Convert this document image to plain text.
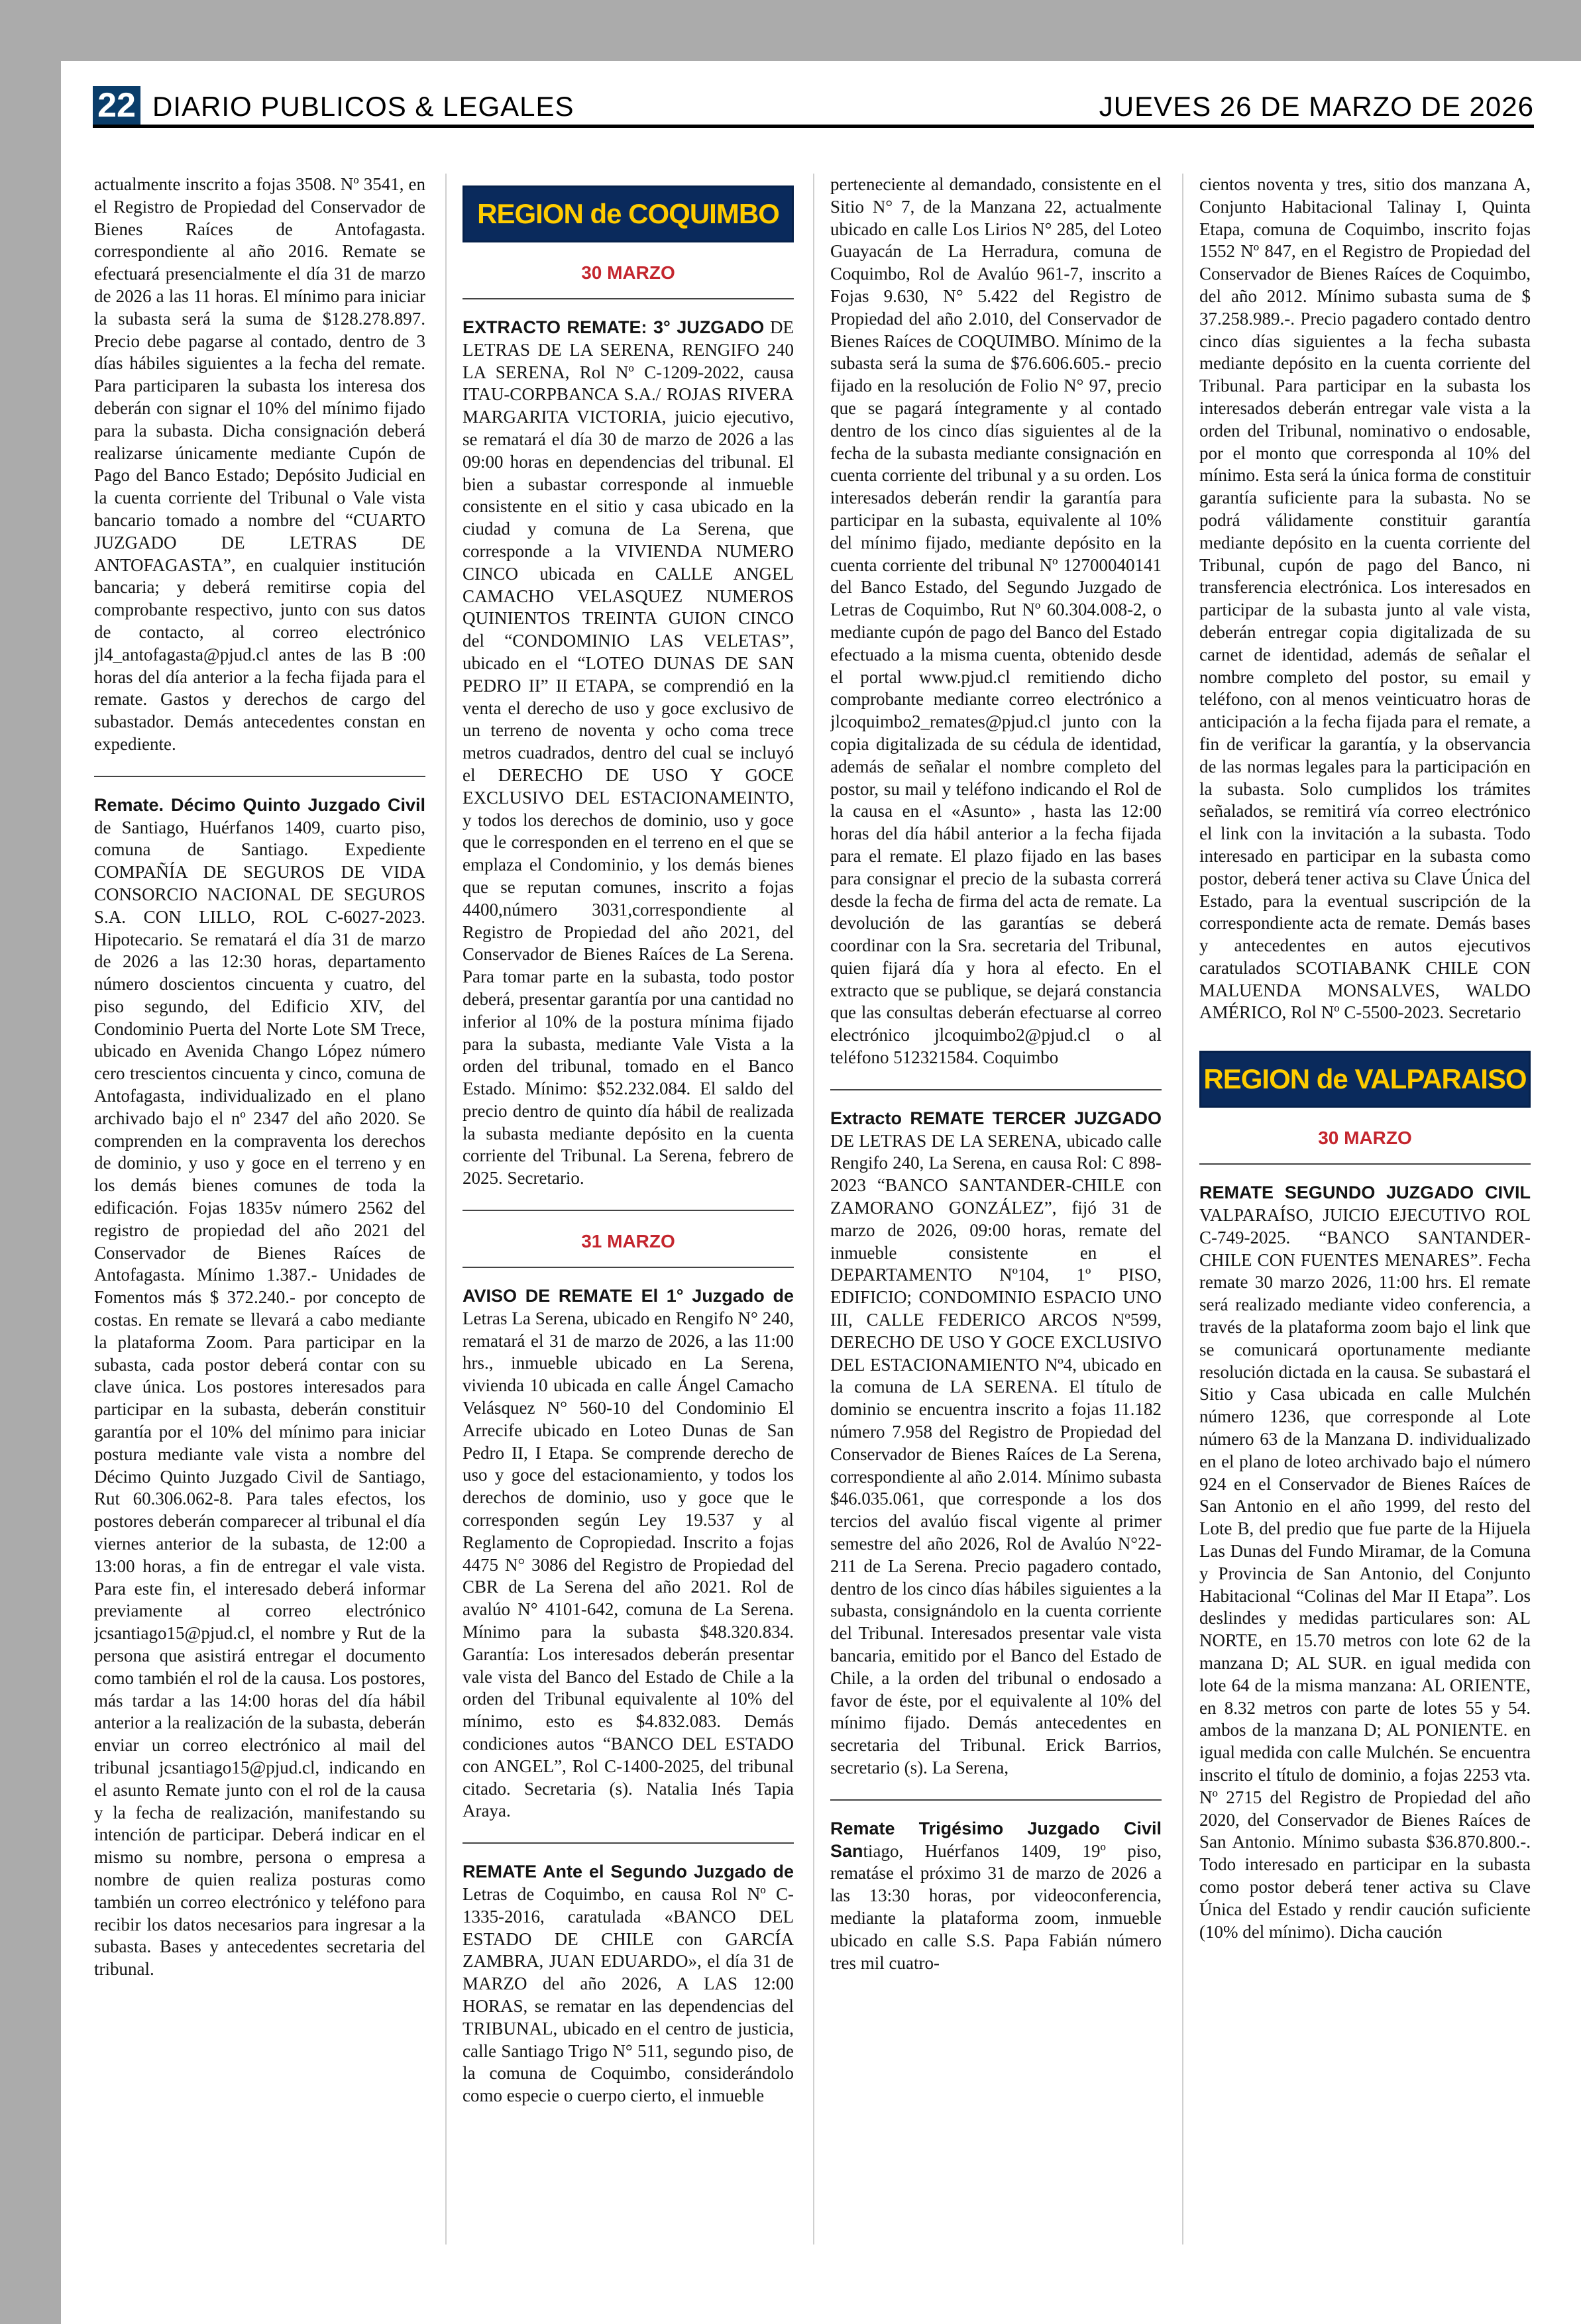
22 DIARIO PUBLICOS & LEGALES	JUEVES 26 DE MARZO DE 2026

actualmente inscrito a fojas 3508. Nº 3541, en el Registro de Propiedad del Conservador de Bienes Raíces de Antofagasta. correspondiente al año 2016. Remate se efectuará presencialmente el día 31 de marzo de 2026 a las 11 horas. El mínimo para iniciar la subasta será la suma de $128.278.897. Precio debe pagarse al contado, dentro de 3 días hábiles siguientes a la fecha del remate. Para participaren la subasta los interesa dos deberán con signar el 10% del mínimo fijado para la subasta. Dicha consignación deberá realizarse únicamente mediante Cupón de Pago del Banco Estado; Depósito Judicial en la cuenta corriente del Tribunal o Vale vista bancario tomado a nombre del “CUARTO JUZGADO DE LETRAS DE ANTOFAGASTA”, en cualquier institución bancaria; y deberá remitirse copia del comprobante respectivo, junto con sus datos de contacto, al correo electrónico jl4_antofagasta@pjud.cl antes de las B :00 horas del día anterior a la fecha fijada para el remate. Gastos y derechos de cargo del subastador. Demás antecedentes constan en expediente.

Remate. Décimo Quinto Juzgado Civil de Santiago, Huérfanos 1409, cuarto piso, comuna de Santiago. Expediente COMPAÑÍA DE SEGUROS DE VIDA CONSORCIO NACIONAL DE SEGUROS S.A. CON LILLO, ROL C-6027-2023. Hipotecario. Se rematará el día 31 de marzo de 2026 a las 12:30 horas, departamento número doscientos cincuenta y cuatro, del piso segundo, del Edificio XIV, del Condominio Puerta del Norte Lote SM Trece, ubicado en Avenida Chango López número cero trescientos cincuenta y cinco, comuna de Antofagasta, individualizado en el plano archivado bajo el nº 2347 del año 2020. Se comprenden en la compraventa los derechos de dominio, y uso y goce en el terreno y en los demás bienes comunes de toda la edificación. Fojas 1835v número 2562 del registro de propiedad del año 2021 del Conservador de Bienes Raíces de Antofagasta. Mínimo 1.387.- Unidades de Fomentos más $ 372.240.- por concepto de costas. En remate se llevará a cabo mediante la plataforma Zoom. Para participar en la subasta, cada postor deberá contar con su clave única. Los postores interesados para participar en la subasta, deberán constituir garantía por el 10% del mínimo para iniciar postura mediante vale vista a nombre del Décimo Quinto Juzgado Civil de Santiago, Rut 60.306.062-8. Para tales efectos, los postores deberán comparecer al tribunal el día viernes anterior de la subasta, de 12:00 a 13:00 horas, a fin de entregar el vale vista. Para este fin, el interesado deberá informar previamente al correo electrónico jcsantiago15@pjud.cl, el nombre y Rut de la persona que asistirá entregar el documento como también el rol de la causa. Los postores, más tardar a las 14:00 horas del día hábil anterior a la realización de la subasta, deberán enviar un correo electrónico al mail del tribunal jcsantiago15@pjud.cl, indicando en el asunto Remate junto con el rol de la causa y la fecha de realización, manifestando su intención de participar. Deberá indicar en el mismo su nombre, persona o empresa a nombre de quien realiza posturas como también un correo electrónico y teléfono para recibir los datos necesarios para ingresar a la subasta. Bases y antecedentes secretaria del tribunal.

REGION de COQUIMBO
30 MARZO

EXTRACTO REMATE: 3° JUZGADO DE LETRAS DE LA SERENA, RENGIFO 240 LA SERENA, Rol Nº C-1209-2022, causa ITAU-CORPBANCA S.A./ ROJAS RIVERA MARGARITA VICTORIA, juicio ejecutivo, se rematará el día 30 de marzo de 2026 a las 09:00 horas en dependencias del tribunal. El bien a subastar corresponde al inmueble consistente en el sitio y casa ubicado en la ciudad y comuna de La Serena, que corresponde a la VIVIENDA NUMERO CINCO ubicada en CALLE ANGEL CAMACHO VELASQUEZ NUMEROS QUINIENTOS TREINTA GUION CINCO del “CONDOMINIO LAS VELETAS”, ubicado en el “LOTEO DUNAS DE SAN PEDRO II” II ETAPA, se comprendió en la venta el derecho de uso y goce exclusivo de un terreno de noventa y ocho coma trece metros cuadrados, dentro del cual se incluyó el DERECHO DE USO Y GOCE EXCLUSIVO DEL ESTACIONAMEINTO, y todos los derechos de dominio, uso y goce que le corresponden en el terreno en el que se emplaza el Condominio, y los demás bienes que se reputan comunes, inscrito a fojas 4400,número 3031,correspondiente al Registro de Propiedad del año 2021, del Conservador de Bienes Raíces de La Serena. Para tomar parte en la subasta, todo postor deberá, presentar garantía por una cantidad no inferior al 10% de la postura mínima fijado para la subasta, mediante Vale Vista a la orden del tribunal, tomado en el Banco Estado. Mínimo: $52.232.084. El saldo del precio dentro de quinto día hábil de realizada la subasta mediante depósito en la cuenta corriente del Tribunal. La Serena, febrero de 2025. Secretario.

31 MARZO

AVISO DE REMATE El 1° Juzgado de Letras La Serena, ubicado en Rengifo N° 240, rematará el 31 de marzo de 2026, a las 11:00 hrs., inmueble ubicado en La Serena, vivienda 10 ubicada en calle Ángel Camacho Velásquez N° 560-10 del Condominio El Arrecife ubicado en Loteo Dunas de San Pedro II, I Etapa. Se comprende derecho de uso y goce del estacionamiento, y todos los derechos de dominio, uso y goce que le corresponden según Ley 19.537 y al Reglamento de Copropiedad. Inscrito a fojas 4475 N° 3086 del Registro de Propiedad del CBR de La Serena del año 2021. Rol de avalúo N° 4101-642, comuna de La Serena. Mínimo para la subasta $48.320.834. Garantía: Los interesados deberán presentar vale vista del Banco del Estado de Chile a la orden del Tribunal equivalente al 10% del mínimo, esto es $4.832.083. Demás condiciones autos “BANCO DEL ESTADO con ANGEL”, Rol C-1400-2025, del tribunal citado. Secretaria (s). Natalia Inés Tapia Araya.

REMATE Ante el Segundo Juzgado de Letras de Coquimbo, en causa Rol Nº C- 1335-2016, caratulada «BANCO DEL ESTADO DE CHILE con GARCÍA ZAMBRA, JUAN EDUARDO», el día 31 de MARZO del año 2026, A LAS 12:00 HORAS, se rematar en las dependencias del TRIBUNAL, ubicado en el centro de justicia, calle Santiago Trigo N° 511, segundo piso, de la comuna de Coquimbo, considerándolo como especie o cuerpo cierto, el inmueble

perteneciente al demandado, consistente en el Sitio N° 7, de la Manzana 22, actualmente ubicado en calle Los Lirios N° 285, del Loteo Guayacán de La Herradura, comuna de Coquimbo, Rol de Avalúo 961-7, inscrito a Fojas 9.630, N° 5.422 del Registro de Propiedad del año 2.010, del Conservador de Bienes Raíces de COQUIMBO. Mínimo de la subasta será la suma de $76.606.605.- precio fijado en la resolución de Folio N° 97, precio que se pagará íntegramente y al contado dentro de los cinco días siguientes al de la fecha de la subasta mediante consignación en cuenta corriente del tribunal y a su orden. Los interesados deberán rendir la garantía para participar en la subasta, equivalente al 10% del mínimo fijado, mediante depósito en la cuenta corriente del tribunal Nº 12700040141 del Banco Estado, del Segundo Juzgado de Letras de Coquimbo, Rut Nº 60.304.008-2, o mediante cupón de pago del Banco del Estado efectuado a la misma cuenta, obtenido desde el portal www.pjud.cl remitiendo dicho comprobante mediante correo electrónico a jlcoquimbo2_remates@pjud.cl junto con la copia digitalizada de su cédula de identidad, además de señalar el nombre completo del postor, su mail y teléfono indicando el Rol de la causa en el «Asunto» , hasta las 12:00 horas del día hábil anterior a la fecha fijada para el remate. El plazo fijado en las bases para consignar el precio de la subasta correrá desde la fecha de firma del acta de remate. La devolución de las garantías se deberá coordinar con la Sra. secretaria del Tribunal, quien fijará día y hora al efecto. En el extracto que se publique, se dejará constancia que las consultas deberán efectuarse al correo electrónico jlcoquimbo2@pjud.cl o al teléfono 512321584. Coquimbo

Extracto REMATE TERCER JUZGADO DE LETRAS DE LA SERENA, ubicado calle Rengifo 240, La Serena, en causa Rol: C 898-2023 “BANCO SANTANDER-CHILE con ZAMORANO GONZÁLEZ”, fijó 31 de marzo de 2026, 09:00 horas, remate del inmueble consistente en el DEPARTAMENTO Nº104, 1º PISO, EDIFICIO; CONDOMINIO ESPACIO UNO III, CALLE FEDERICO ARCOS Nº599, DERECHO DE USO Y GOCE EXCLUSIVO DEL ESTACIONAMIENTO Nº4, ubicado en la comuna de LA SERENA. El título de dominio se encuentra inscrito a fojas 11.182 número 7.958 del Registro de Propiedad del Conservador de Bienes Raíces de La Serena, correspondiente al año 2.014. Mínimo subasta $46.035.061, que corresponde a los dos tercios del avalúo fiscal vigente al primer semestre del año 2026, Rol de Avalúo N°22-211 de La Serena. Precio pagadero contado, dentro de los cinco días hábiles siguientes a la subasta, consignándolo en la cuenta corriente del Tribunal. Interesados presentar vale vista bancaria, emitido por el Banco del Estado de Chile, a la orden del tribunal o endosado a favor de éste, por el equivalente al 10% del mínimo fijado. Demás antecedentes en secretaria del Tribunal. Erick Barrios, secretario (s). La Serena,

Remate Trigésimo Juzgado Civil Santiago, Huérfanos 1409, 19º piso, rematáse el próximo 31 de marzo de 2026 a las 13:30 horas, por videoconferencia, mediante la plataforma zoom, inmueble ubicado en calle S.S. Papa Fabián número tres mil cuatro-

cientos noventa y tres, sitio dos manzana A, Conjunto Habitacional Talinay I, Quinta Etapa, comuna de Coquimbo, inscrito fojas 1552 Nº 847, en el Registro de Propiedad del Conservador de Bienes Raíces de Coquimbo, del año 2012. Mínimo subasta suma de $ 37.258.989.-. Precio pagadero contado dentro cinco días siguientes a la fecha subasta mediante depósito en la cuenta corriente del Tribunal. Para participar en la subasta los interesados deberán entregar vale vista a la orden del Tribunal, nominativo o endosable, por el monto que corresponda al 10% del mínimo. Esta será la única forma de constituir garantía suficiente para la subasta. No se podrá válidamente constituir garantía mediante depósito en la cuenta corriente del Tribunal, cupón de pago del Banco, ni transferencia electrónica. Los interesados en participar de la subasta junto al vale vista, deberán entregar copia digitalizada de su carnet de identidad, además de señalar el nombre completo del postor, su email y teléfono, con al menos veinticuatro horas de anticipación a la fecha fijada para el remate, a fin de verificar la garantía, y la observancia de las normas legales para la participación en la subasta. Solo cumplidos los trámites señalados, se remitirá vía correo electrónico el link con la invitación a la subasta. Todo interesado en participar en la subasta como postor, deberá tener activa su Clave Única del Estado, para la eventual suscripción de la correspondiente acta de remate. Demás bases y antecedentes en autos ejecutivos caratulados SCOTIABANK CHILE CON MALUENDA MONSALVES, WALDO AMÉRICO, Rol Nº C-5500-2023. Secretario

REGION de VALPARAISO
30 MARZO

REMATE SEGUNDO JUZGADO CIVIL VALPARAÍSO, JUICIO EJECUTIVO ROL C-749-2025. “BANCO SANTANDER-CHILE CON FUENTES MENARES”. Fecha remate 30 marzo 2026, 11:00 hrs. El remate será realizado mediante video conferencia, a través de la plataforma zoom bajo el link que se comunicará oportunamente mediante resolución dictada en la causa. Se subastará el Sitio y Casa ubicada en calle Mulchén número 1236, que corresponde al Lote número 63 de la Manzana D. individualizado en el plano de loteo archivado bajo el número 924 en el Conservador de Bienes Raíces de San Antonio en el año 1999, del resto del Lote B, del predio que fue parte de la Hijuela Las Dunas del Fundo Miramar, de la Comuna y Provincia de San Antonio, del Conjunto Habitacional “Colinas del Mar II Etapa”. Los deslindes y medidas particulares son: AL NORTE, en 15.70 metros con lote 62 de la manzana D; AL SUR. en igual medida con lote 64 de la misma manzana: AL ORIENTE, en 8.32 metros con parte de lotes 55 y 54. ambos de la manzana D; AL PONIENTE. en igual medida con calle Mulchén. Se encuentra inscrito el título de dominio, a fojas 2253 vta. Nº 2715 del Registro de Propiedad del año 2020, del Conservador de Bienes Raíces de San Antonio. Mínimo subasta $36.870.800.-. Todo interesado en participar en la subasta como postor deberá tener activa su Clave Única del Estado y rendir caución suficiente (10% del mínimo). Dicha caución
